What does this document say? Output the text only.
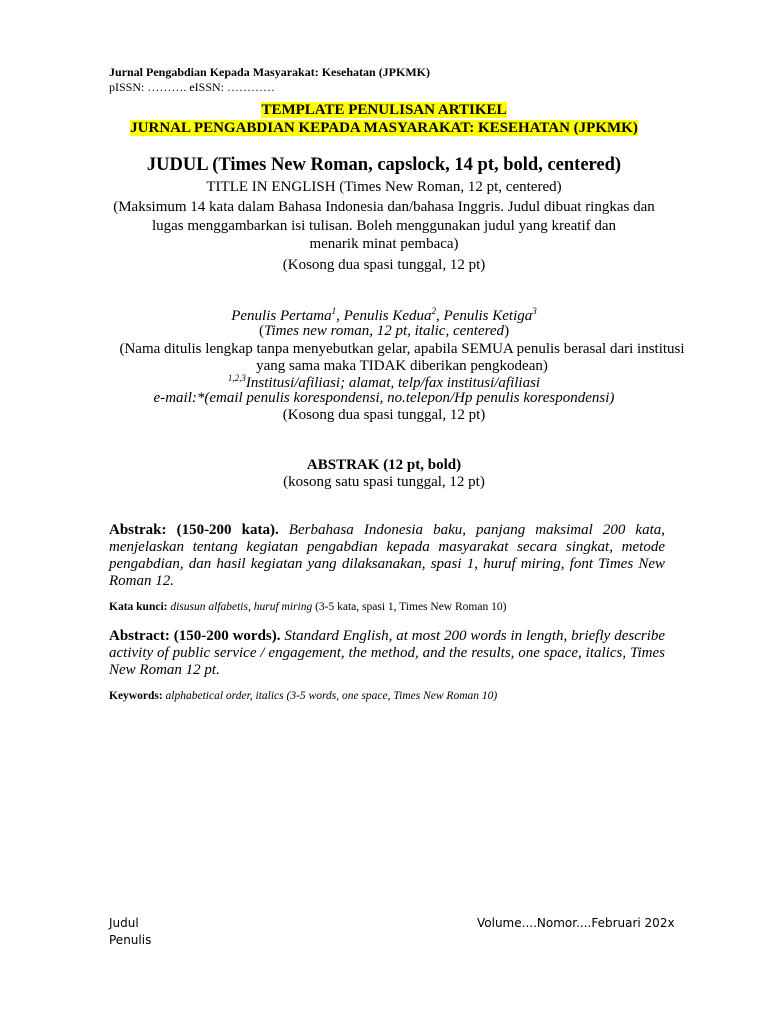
Jurnal Pengabdian Kepada Masyarakat: Kesehatan (JPKMK)
pISSN: ………. eISSN: …………
TEMPLATE PENULISAN ARTIKEL
JURNAL PENGABDIAN KEPADA MASYARAKAT: KESEHATAN (JPKMK)
JUDUL (Times New Roman, capslock, 14 pt, bold, centered)
TITLE IN ENGLISH (Times New Roman, 12 pt, centered)
(Maksimum 14 kata dalam Bahasa Indonesia dan/bahasa Inggris. Judul dibuat ringkas dan
lugas menggambarkan isi tulisan. Boleh menggunakan judul yang kreatif dan
menarik minat pembaca)
(Kosong dua spasi tunggal, 12 pt)
Penulis Pertama$^1$, Penulis Kedua$^2$, Penulis Ketiga$^3$
(Times new roman, 12 pt, italic, centered)
(Nama ditulis lengkap tanpa menyebutkan gelar, apabila SEMUA penulis berasal dari institusi
yang sama maka TIDAK diberikan pengkodean)
$^{1,2,3}$Institusi/afiliasi; alamat, telp/fax institusi/afiliasi
e-mail:*(email penulis korespondensi, no.telepon/Hp penulis korespondensi)
(Kosong dua spasi tunggal, 12 pt)
ABSTRAK (12 pt, bold)
(kosong satu spasi tunggal, 12 pt)
Abstrak: (150-200 kata). Berbahasa Indonesia baku, panjang maksimal 200 kata, menjelaskan tentang kegiatan pengabdian kepada masyarakat secara singkat, metode pengabdian, dan hasil kegiatan yang dilaksanakan, spasi 1, huruf miring, font Times New Roman 12.
Kata kunci: disusun alfabetis, huruf miring (3-5 kata, spasi 1, Times New Roman 10)
Abstract: (150-200 words). Standard English, at most 200 words in length, briefly describe activity of public service / engagement, the method, and the results, one space, italics, Times New Roman 12 pt.
Keywords: alphabetical order, italics (3-5 words, one space, Times New Roman 10)
Judul
Penulis
Volume....Nomor....Februari 202x
